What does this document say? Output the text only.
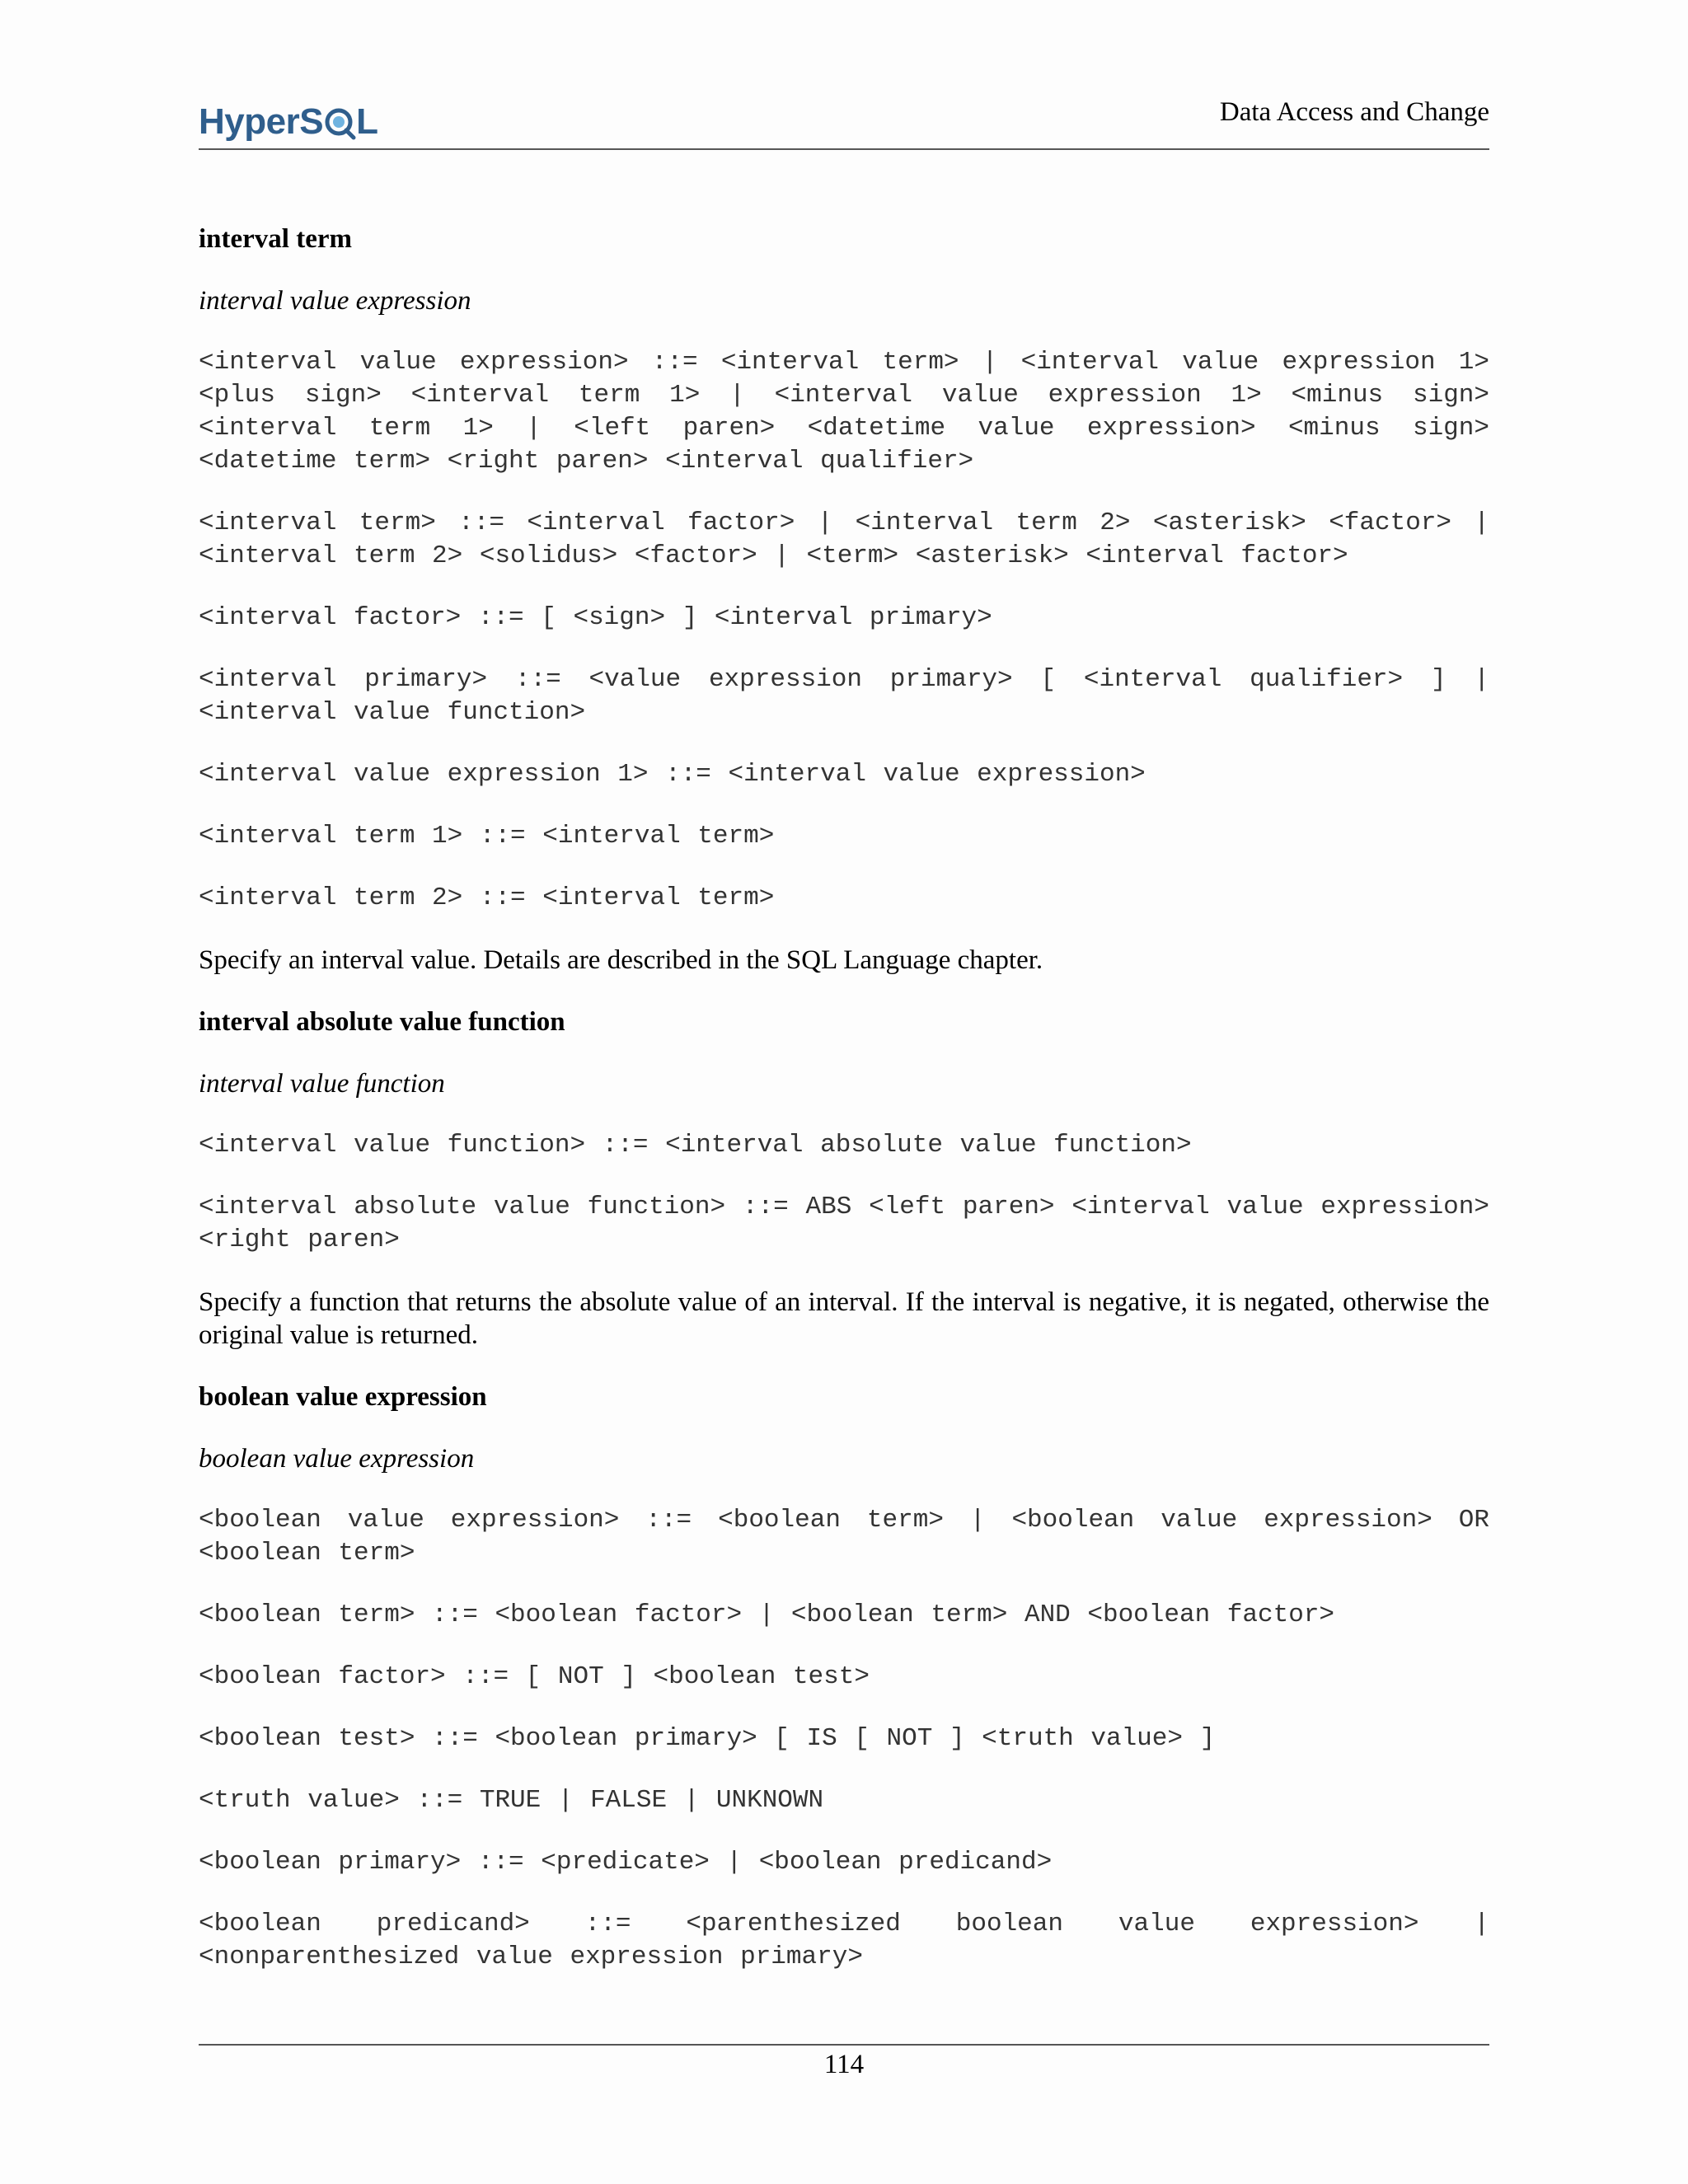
HyperS L	Data Access and Change

interval term

interval value expression

<interval value expression> ::= <interval term> | <interval value expression 1> <plus sign> <interval term 1> | <interval value expression 1> <minus sign> <interval term 1> | <left paren> <datetime value expression> <minus sign> <datetime term> <right paren> <interval qualifier>

<interval term> ::= <interval factor> | <interval term 2> <asterisk> <factor> | <interval term 2> <solidus> <factor> | <term> <asterisk> <interval factor>

<interval factor> ::= [ <sign> ] <interval primary>

<interval primary> ::= <value expression primary> [ <interval qualifier> ] | <interval value function>

<interval value expression 1> ::= <interval value expression>

<interval term 1> ::= <interval term>

<interval term 2> ::= <interval term>

Specify an interval value. Details are described in the SQL Language chapter.

interval absolute value function

interval value function

<interval value function> ::= <interval absolute value function>

<interval absolute value function> ::= ABS <left paren> <interval value expression> <right paren>

Specify a function that returns the absolute value of an interval. If the interval is negative, it is negated, otherwise the original value is returned.

boolean value expression

boolean value expression

<boolean value expression> ::= <boolean term> | <boolean value expression> OR <boolean term>

<boolean term> ::= <boolean factor> | <boolean term> AND <boolean factor>

<boolean factor> ::= [ NOT ] <boolean test>

<boolean test> ::= <boolean primary> [ IS [ NOT ] <truth value> ]

<truth value> ::= TRUE | FALSE | UNKNOWN

<boolean primary> ::= <predicate> | <boolean predicand>

<boolean predicand> ::= <parenthesized boolean value expression> | <nonparenthesized value expression primary>

114
